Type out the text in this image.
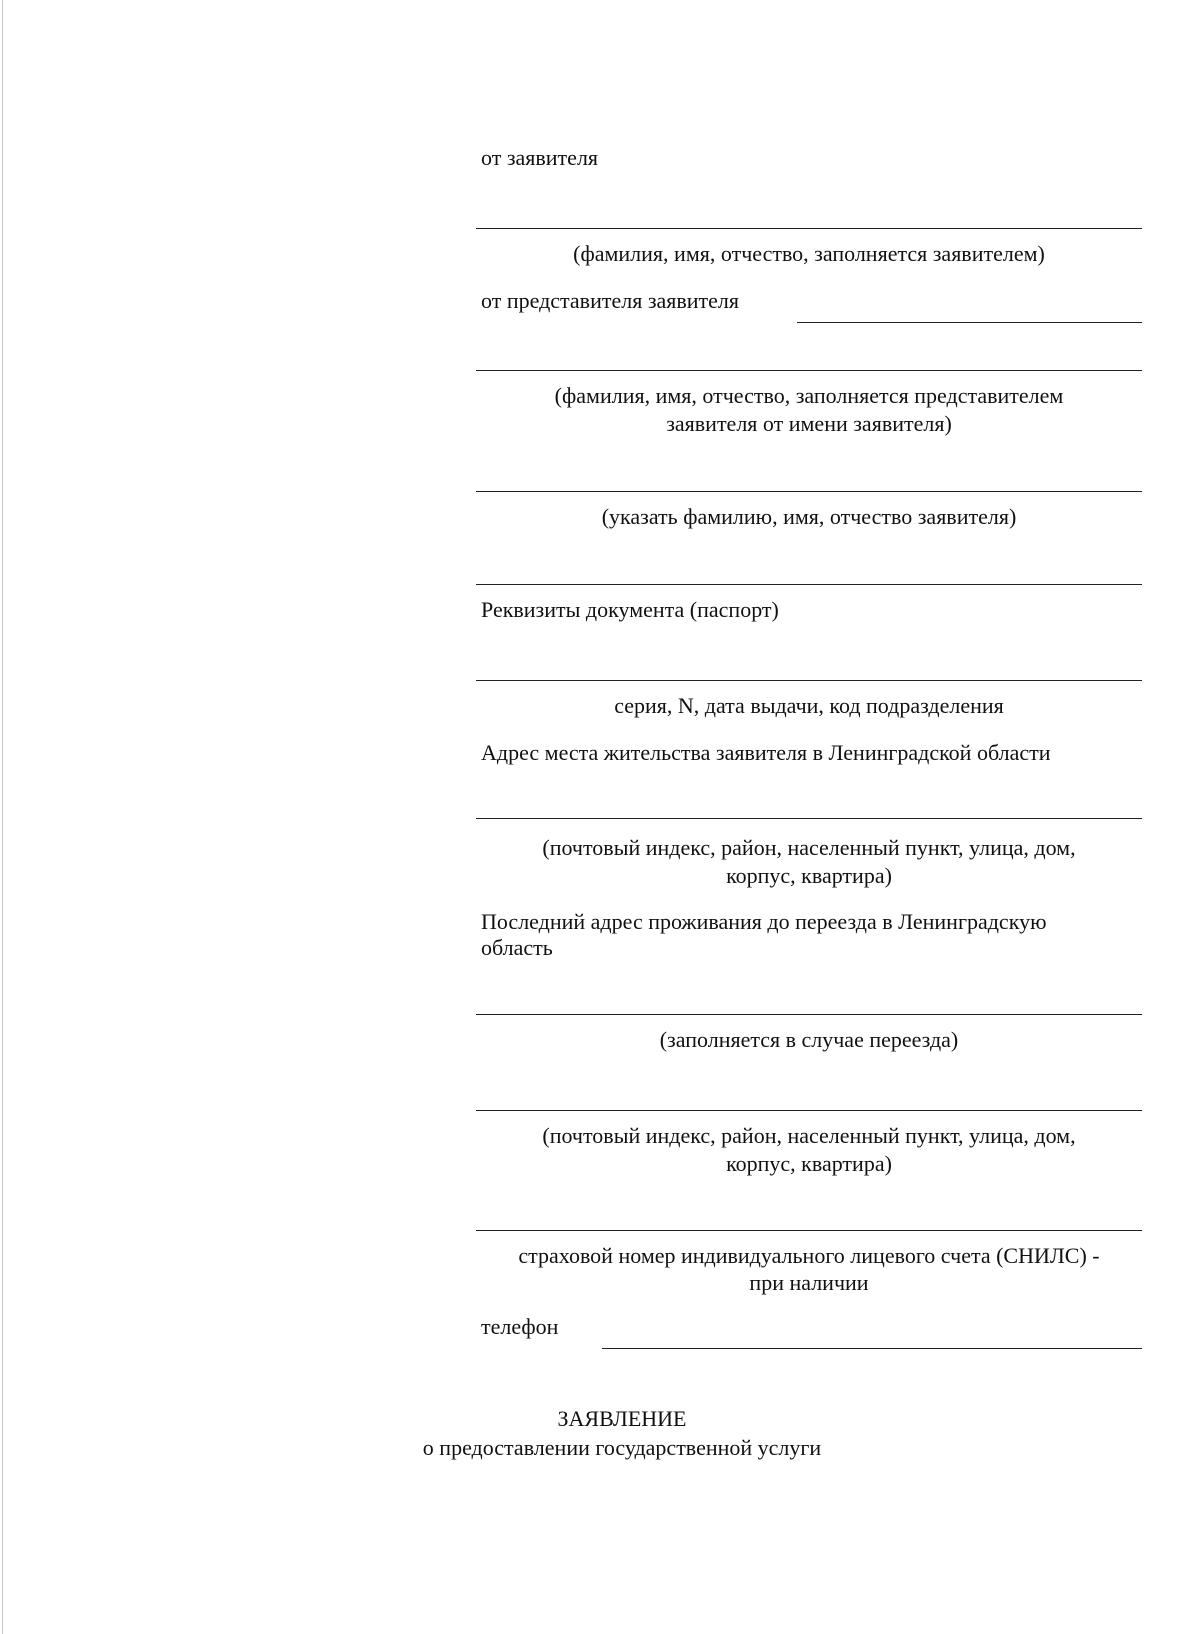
от заявителя
(фамилия, имя, отчество, заполняется заявителем)
от представителя заявителя
(фамилия, имя, отчество, заполняется представителем
заявителя от имени заявителя)
(указать фамилию, имя, отчество заявителя)
Реквизиты документа (паспорт)
серия, N, дата выдачи, код подразделения
Адрес места жительства заявителя в Ленинградской области
(почтовый индекс, район, населенный пункт, улица, дом,
корпус, квартира)
Последний адрес проживания до переезда в Ленинградскую
область
(заполняется в случае переезда)
(почтовый индекс, район, населенный пункт, улица, дом,
корпус, квартира)
страховой номер индивидуального лицевого счета (СНИЛС) -
при наличии
телефон
ЗАЯВЛЕНИЕ
о предоставлении государственной услуги
